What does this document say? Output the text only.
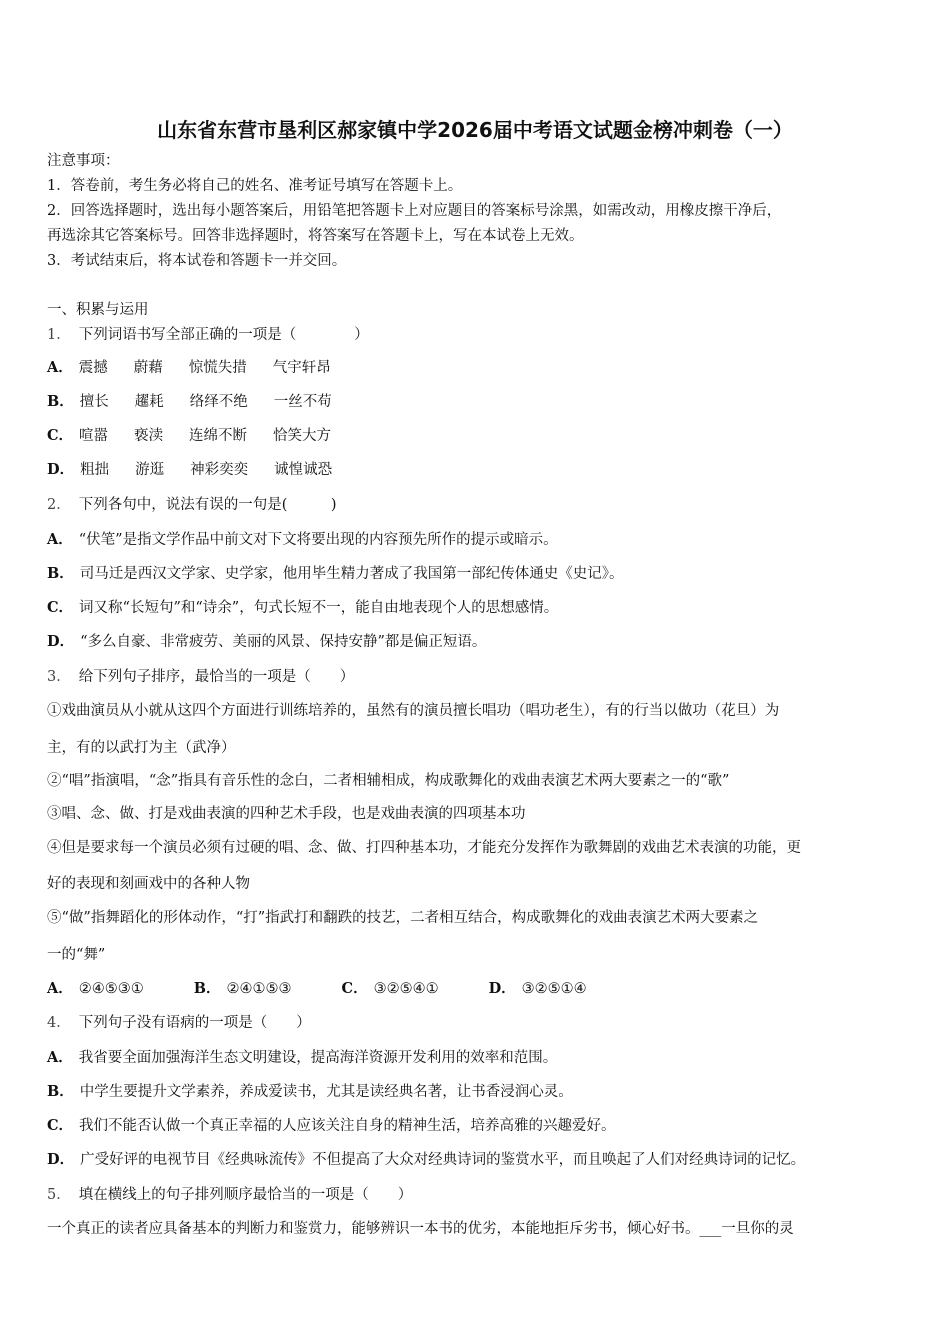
山东省东营市垦利区郝家镇中学2026届中考语文试题金榜冲刺卷（一）
注意事项：
1．答卷前，考生务必将自己的姓名、准考证号填写在答题卡上。
2．回答选择题时，选出每小题答案后，用铅笔把答题卡上对应题目的答案标号涂黑，如需改动，用橡皮擦干净后，
再选涂其它答案标号。回答非选择题时，将答案写在答题卡上，写在本试卷上无效。
3．考试结束后，将本试卷和答题卡一并交回。
一、积累与运用
1． 下列词语书写全部正确的一项是（　　　　）
A． 震撼 蔚藉 惊慌失措 气宇轩昂
B． 擅长 趯耗 络绎不绝 一丝不苟
C． 喧嚣 亵渎 连绵不断 恰笑大方
D． 粗拙 游逛 神彩奕奕 诚惶诚恐
2． 下列各句中，说法有误的一句是(　　　)
A． “伏笔”是指文学作品中前文对下文将要出现的内容预先所作的提示或暗示。
B． 司马迁是西汉文学家、史学家，他用毕生精力著成了我国第一部纪传体通史《史记》。
C． 词又称“长短句”和“诗余”，句式长短不一，能自由地表现个人的思想感情。
D． “多么自豪、非常疲劳、美丽的风景、保持安静”都是偏正短语。
3． 给下列句子排序，最恰当的一项是（　　）
①戏曲演员从小就从这四个方面进行训练培养的，虽然有的演员擅长唱功（唱功老生），有的行当以做功（花旦）为
主，有的以武打为主（武净）
②“唱”指演唱，“念”指具有音乐性的念白，二者相辅相成，构成歌舞化的戏曲表演艺术两大要素之一的“歌”
③唱、念、做、打是戏曲表演的四种艺术手段，也是戏曲表演的四项基本功
④但是要求每一个演员必须有过硬的唱、念、做、打四种基本功，才能充分发挥作为歌舞剧的戏曲艺术表演的功能，更
好的表现和刻画戏中的各种人物
⑤“做”指舞蹈化的形体动作，“打”指武打和翻跌的技艺，二者相互结合，构成歌舞化的戏曲表演艺术两大要素之
一的“舞”
A． ②④⑤③①	B． ②④①⑤③	C． ③②⑤④①	D． ③②⑤①④
4． 下列句子没有语病的一项是（　　）
A． 我省要全面加强海洋生态文明建设，提高海洋资源开发利用的效率和范围。
B． 中学生要提升文学素养，养成爱读书，尤其是读经典名著，让书香浸润心灵。
C． 我们不能否认做一个真正幸福的人应该关注自身的精神生活，培养高雅的兴趣爱好。
D． 广受好评的电视节目《经典咏流传》不但提高了大众对经典诗词的鉴赏水平，而且唤起了人们对经典诗词的记忆。
5． 填在横线上的句子排列顺序最恰当的一项是（　　）
一个真正的读者应具备基本的判断力和鉴赏力，能够辨识一本书的优劣，本能地拒斥劣书，倾心好书。___一旦你的灵
